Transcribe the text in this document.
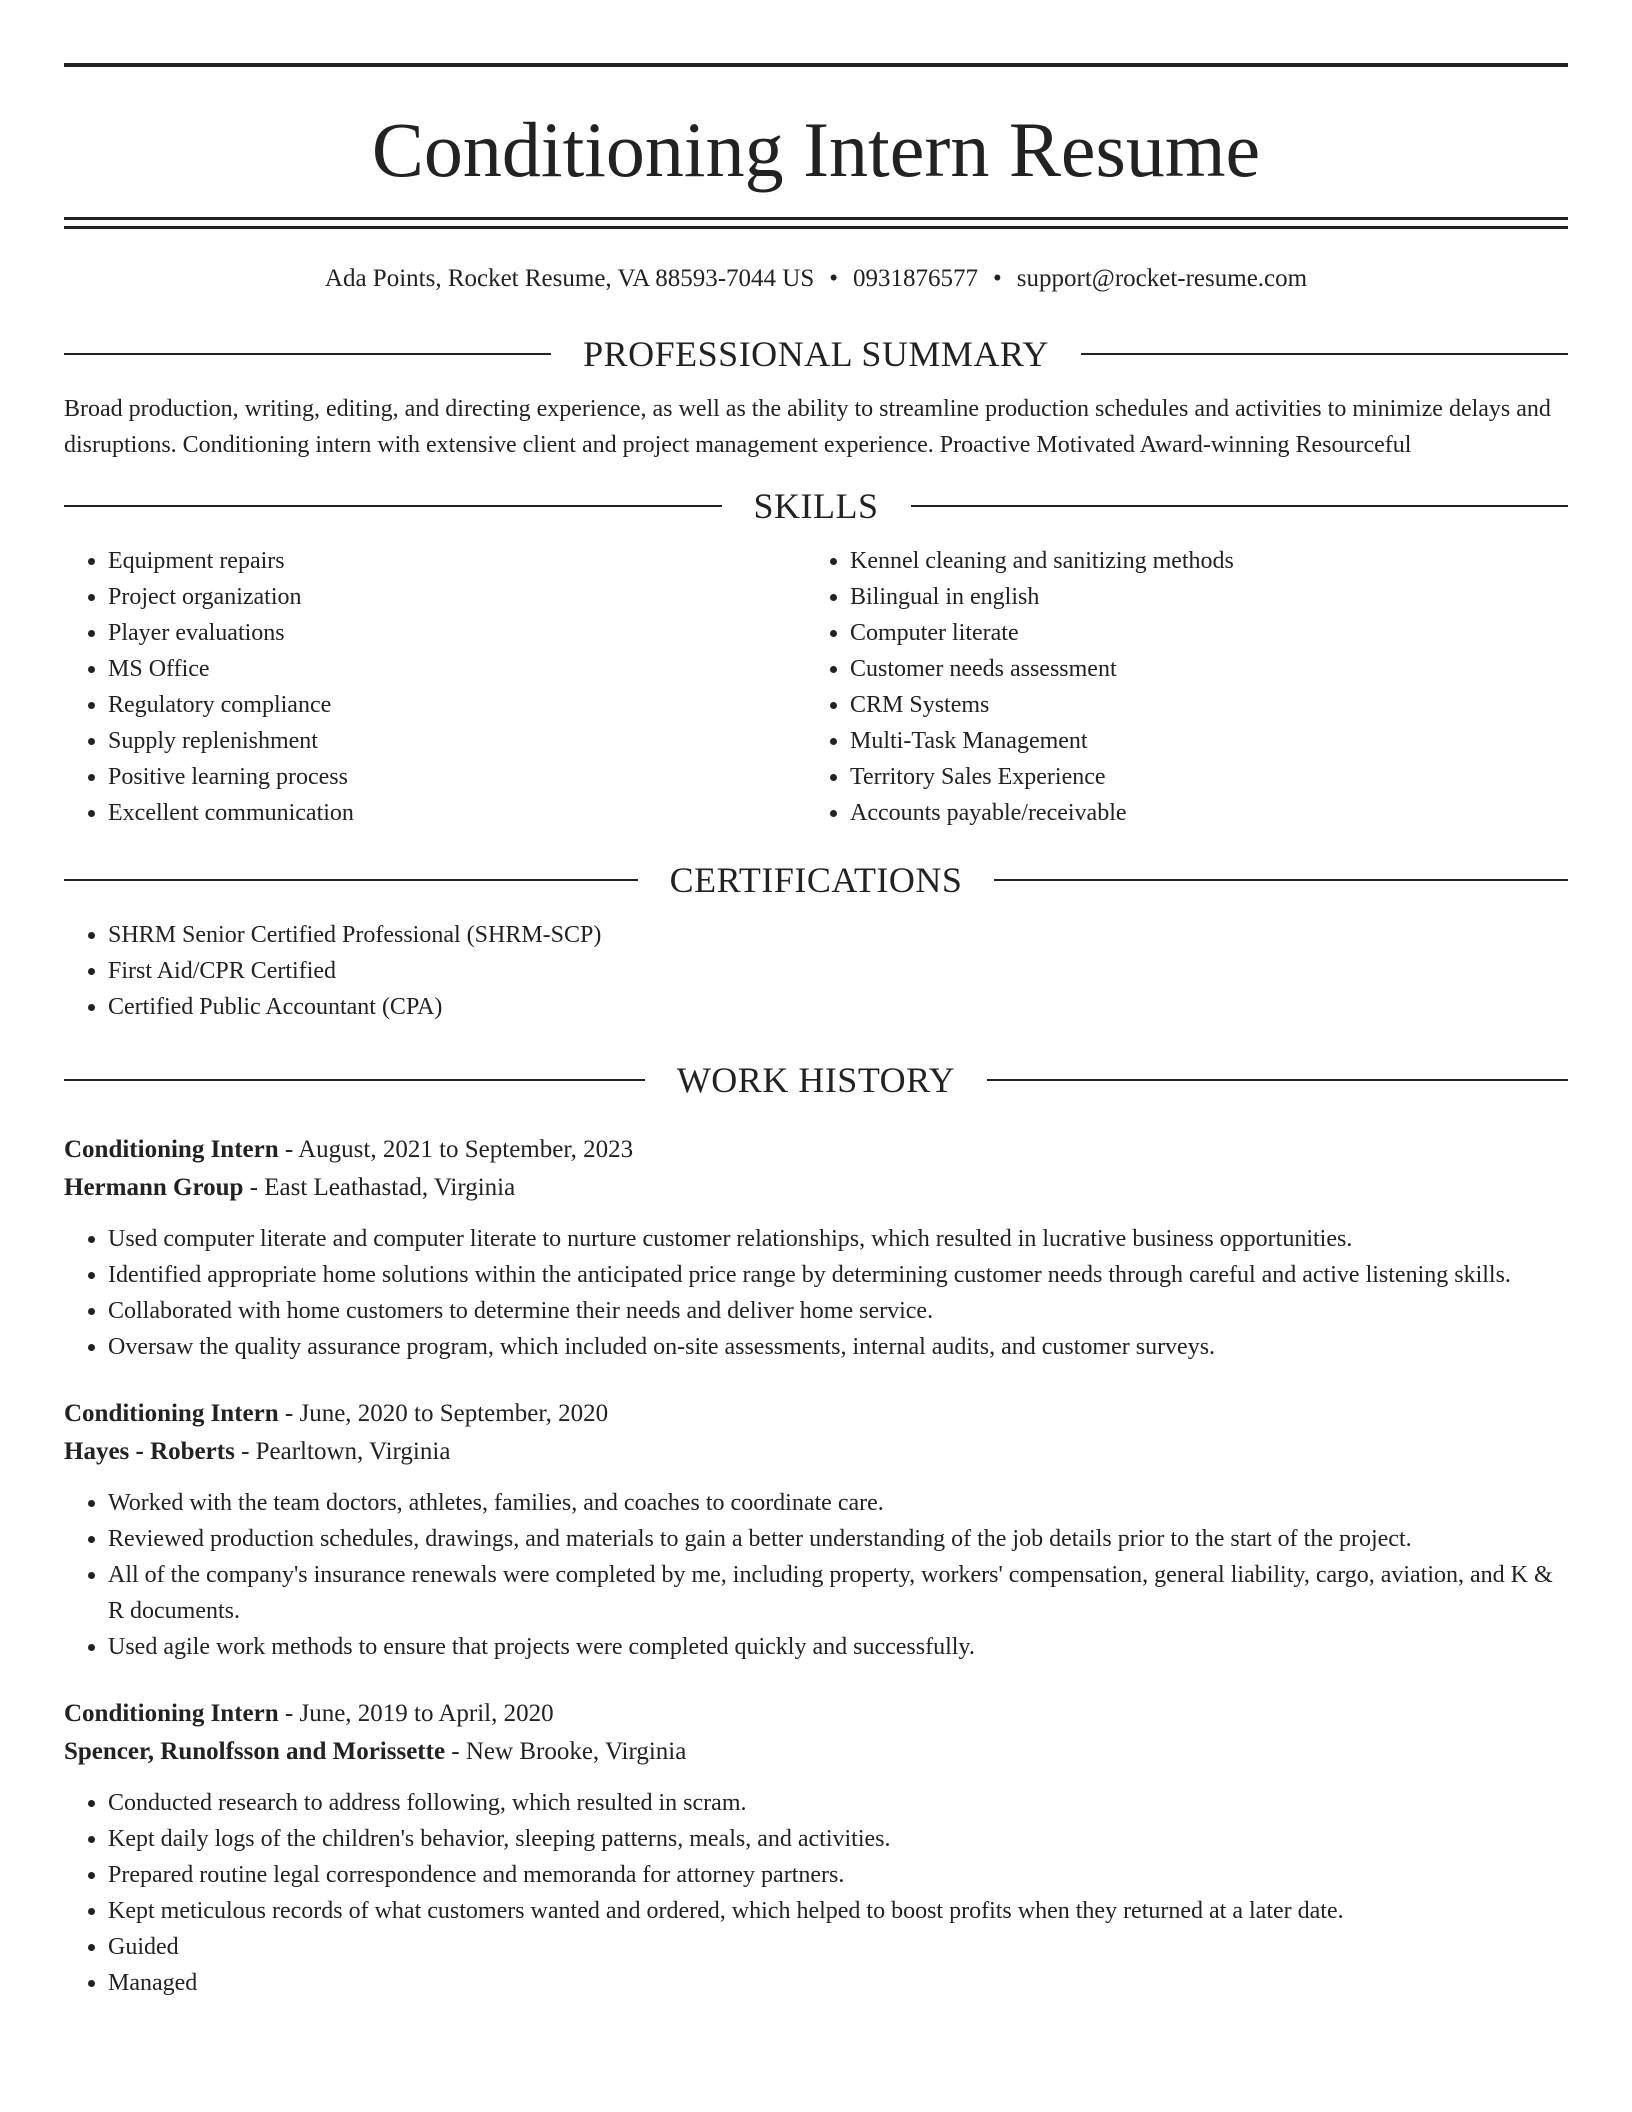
Conditioning Intern Resume
Ada Points, Rocket Resume, VA 88593-7044 US • 0931876577 • support@rocket-resume.com
PROFESSIONAL SUMMARY

Broad production, writing, editing, and directing experience, as well as the ability to streamline production schedules and activities to minimize delays and disruptions. Conditioning intern with extensive client and project management experience. Proactive Motivated Award-winning Resourceful

SKILLS
• Equipment repairs
• Project organization
• Player evaluations
• MS Office
• Regulatory compliance
• Supply replenishment
• Positive learning process
• Excellent communication
• Kennel cleaning and sanitizing methods
• Bilingual in english
• Computer literate
• Customer needs assessment
• CRM Systems
• Multi-Task Management
• Territory Sales Experience
• Accounts payable/receivable
CERTIFICATIONS
• SHRM Senior Certified Professional (SHRM-SCP)
• First Aid/CPR Certified
• Certified Public Accountant (CPA)
WORK HISTORY
Conditioning Intern - August, 2021 to September, 2023
Hermann Group - East Leathastad, Virginia
• Used computer literate and computer literate to nurture customer relationships, which resulted in lucrative business opportunities.
• Identified appropriate home solutions within the anticipated price range by determining customer needs through careful and active listening skills.
• Collaborated with home customers to determine their needs and deliver home service.
• Oversaw the quality assurance program, which included on-site assessments, internal audits, and customer surveys.
Conditioning Intern - June, 2020 to September, 2020
Hayes - Roberts - Pearltown, Virginia
• Worked with the team doctors, athletes, families, and coaches to coordinate care.
• Reviewed production schedules, drawings, and materials to gain a better understanding of the job details prior to the start of the project.
• All of the company's insurance renewals were completed by me, including property, workers' compensation, general liability, cargo, aviation, and K & R documents.
• Used agile work methods to ensure that projects were completed quickly and successfully.
Conditioning Intern - June, 2019 to April, 2020
Spencer, Runolfsson and Morissette - New Brooke, Virginia
• Conducted research to address following, which resulted in scram.
• Kept daily logs of the children's behavior, sleeping patterns, meals, and activities.
• Prepared routine legal correspondence and memoranda for attorney partners.
• Kept meticulous records of what customers wanted and ordered, which helped to boost profits when they returned at a later date.
• Guided
• Managed
